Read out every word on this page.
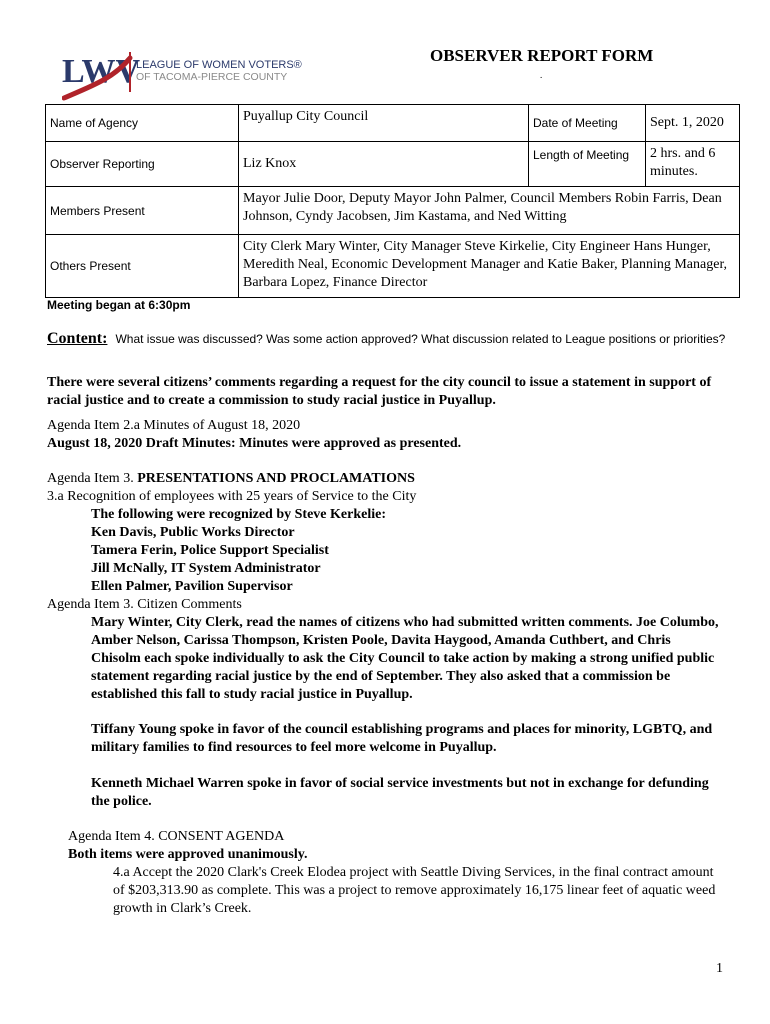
LWV
LEAGUE OF WOMEN VOTERS®
OF TACOMA-PIERCE COUNTY
OBSERVER REPORT FORM
.
Name of Agency	Puyallup City Council	Date of Meeting	Sept. 1, 2020
Observer Reporting	Liz Knox	Length of Meeting	2 hrs. and 6 minutes.
Members Present	Mayor Julie Door, Deputy Mayor John Palmer, Council Members Robin Farris, Dean Johnson, Cyndy Jacobsen, Jim Kastama, and Ned Witting		
Others Present	City Clerk Mary Winter, City Manager Steve Kirkelie, City Engineer Hans Hunger, Meredith Neal, Economic Development Manager and Katie Baker, Planning Manager, Barbara Lopez, Finance Director		
Meeting began at 6:30pm
Content: What issue was discussed? Was some action approved? What discussion related to League positions or priorities?
There were several citizens’ comments regarding a request for the city council to issue a statement in support of racial justice and to create a commission to study racial justice in Puyallup.
Agenda Item 2.a Minutes of August 18, 2020
August 18, 2020 Draft Minutes: Minutes were approved as presented.
Agenda Item 3. PRESENTATIONS AND PROCLAMATIONS
3.a Recognition of employees with 25 years of Service to the City
The following were recognized by Steve Kerkelie:
Ken Davis, Public Works Director
Tamera Ferin, Police Support Specialist
Jill McNally, IT System Administrator
Ellen Palmer, Pavilion Supervisor
Agenda Item 3. Citizen Comments
Mary Winter, City Clerk, read the names of citizens who had submitted written comments. Joe Columbo, Amber Nelson, Carissa Thompson, Kristen Poole, Davita Haygood, Amanda Cuthbert, and Chris Chisolm each spoke individually to ask the City Council to take action by making a strong unified public statement regarding racial justice by the end of September. They also asked that a commission be established this fall to study racial justice in Puyallup.
Tiffany Young spoke in favor of the council establishing programs and places for minority, LGBTQ, and military families to find resources to feel more welcome in Puyallup.
Kenneth Michael Warren spoke in favor of social service investments but not in exchange for defunding the police.
Agenda Item 4. CONSENT AGENDA
Both items were approved unanimously.
4.a Accept the 2020 Clark's Creek Elodea project with Seattle Diving Services, in the final contract amount of $203,313.90 as complete. This was a project to remove approximately 16,175 linear feet of aquatic weed growth in Clark’s Creek.
1
